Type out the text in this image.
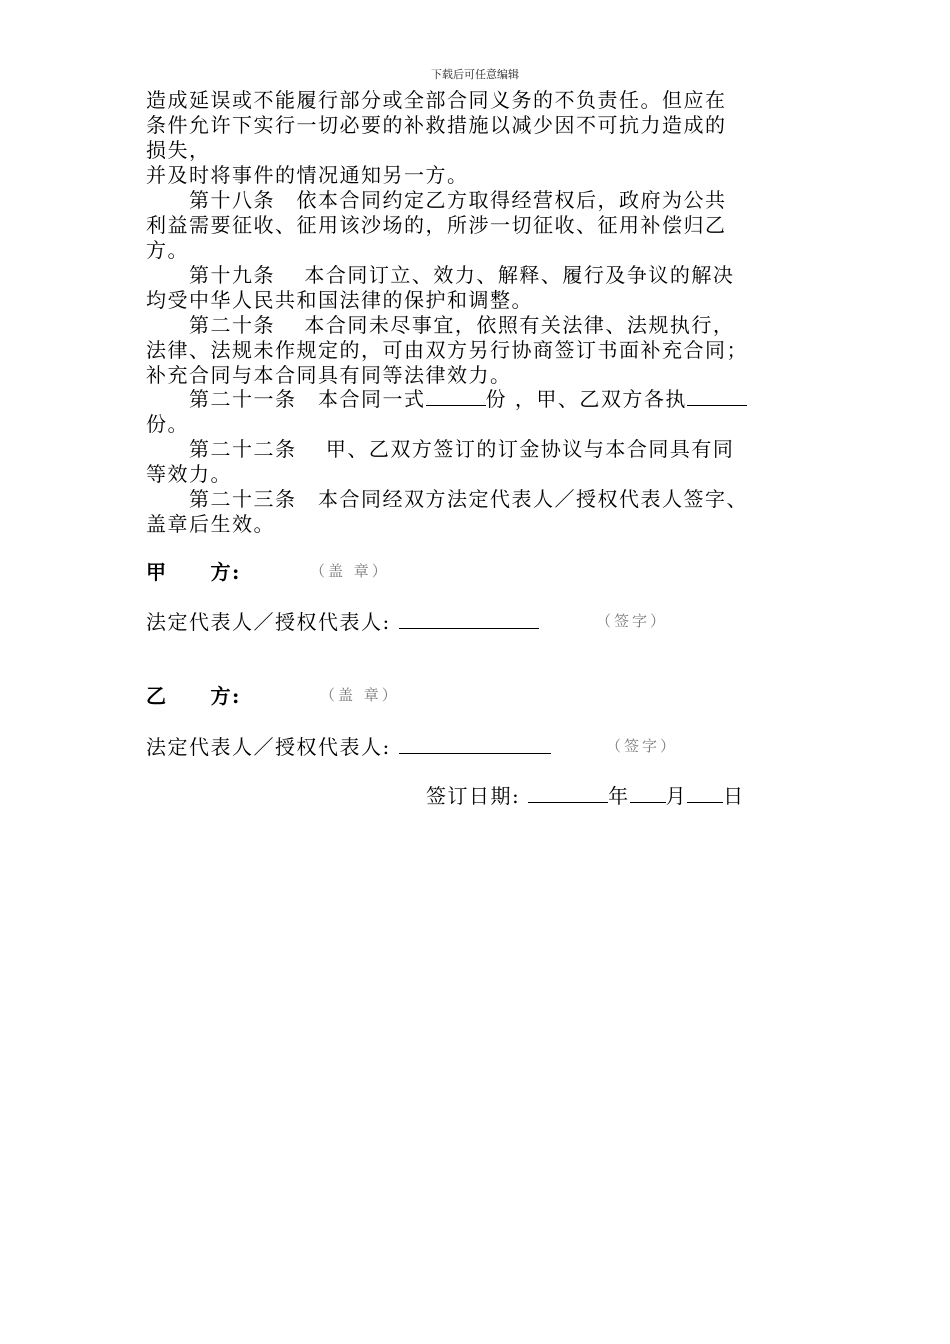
下载后可任意编辑
造成延误或不能履行部分或全部合同义务的不负责任。但应在
条件允许下实行一切必要的补救措施以减少因不可抗力造成的
损失，
并及时将事件的情况通知另一方。
　　第十八条　依本合同约定乙方取得经营权后，政府为公共
利益需要征收、征用该沙场的，所涉一切征收、征用补偿归乙
方。
　　第十九条　 本合同订立、效力、解释、履行及争议的解决
均受中华人民共和国法律的保护和调整。
　　第二十条　 本合同未尽事宜，依照有关法律、法规执行，
法律、法规未作规定的，可由双方另行协商签订书面补充合同；
补充合同与本合同具有同等法律效力。
　　第二十一条　本合同一式	份 ，甲、乙双方各执
份。
　　第二十二条　 甲、乙双方签订的订金协议与本合同具有同
等效力。
　　第二十三条　本合同经双方法定代表人／授权代表人签字、
盖章后生效。
甲　　方:	（盖 章）
法定代表人／授权代表人:	（签字）
乙　　方:	（盖 章）
法定代表人／授权代表人:	（签字）
签订日期:	年 月 日
